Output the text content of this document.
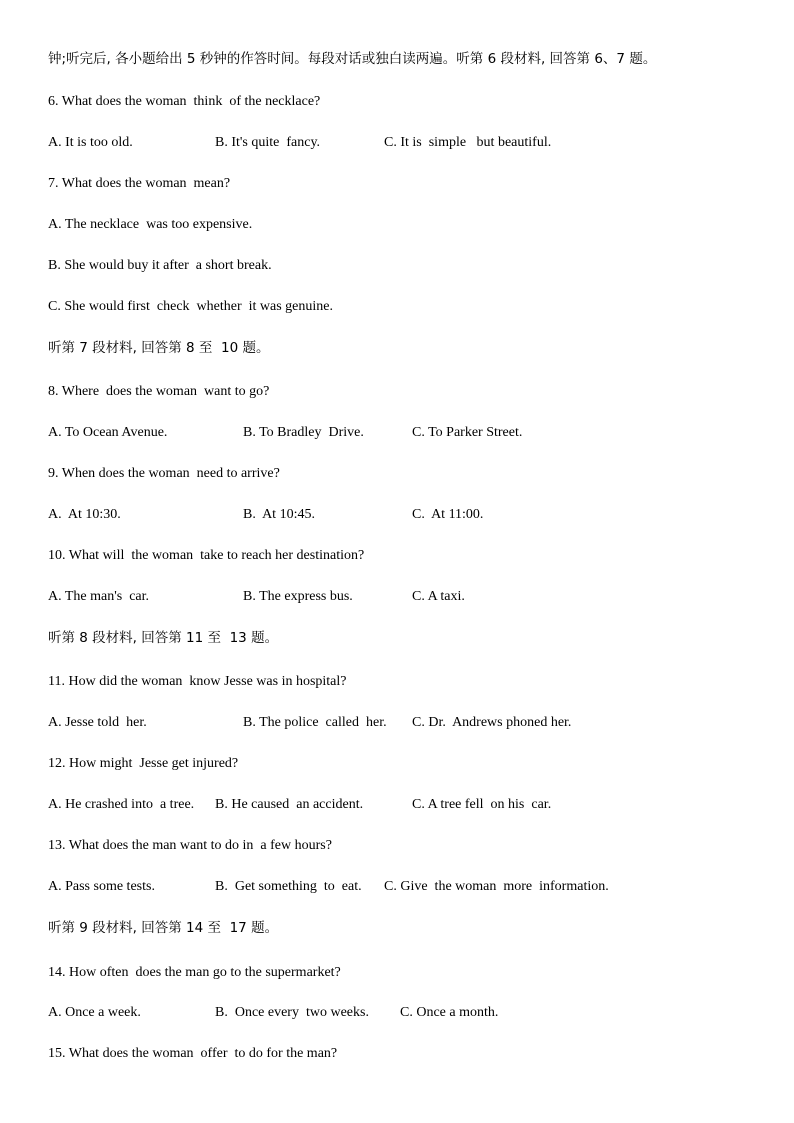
钟;听完后, 各小题给出 5 秒钟的作答时间。每段对话或独白读两遍。听第 6 段材料, 回答第 6、7 题。
6. What does the woman  think  of the necklace?
A. It is too old.	B. It's quite  fancy.	C. It is  simple   but beautiful.
7. What does the woman  mean?
A. The necklace  was too expensive.
B. She would buy it after  a short break.
C. She would first  check  whether  it was genuine.
听第 7 段材料, 回答第 8 至  10 题。
8. Where  does the woman  want to go?
A. To Ocean Avenue.	B. To Bradley  Drive.	C. To Parker Street.
9. When does the woman  need to arrive?
A.  At 10:30.	B.  At 10:45.	C.  At 11:00.
10. What will  the woman  take to reach her destination?
A. The man's  car.	B. The express bus.	C. A taxi.
听第 8 段材料, 回答第 11 至  13 题。
11. How did the woman  know Jesse was in hospital?
A. Jesse told  her.	B. The police  called  her. C. Dr.  Andrews phoned her.
12. How might  Jesse get injured?
A. He crashed into  a tree. B. He caused  an accident.	C. A tree fell  on his  car.
13. What does the man want to do in  a few hours?
A. Pass some tests.	B.  Get something  to  eat. C. Give  the woman  more  information.
听第 9 段材料, 回答第 14 至  17 题。
14. How often  does the man go to the supermarket?
A. Once a week.	B.  Once every  two weeks. C. Once a month.
15. What does the woman  offer  to do for the man?
